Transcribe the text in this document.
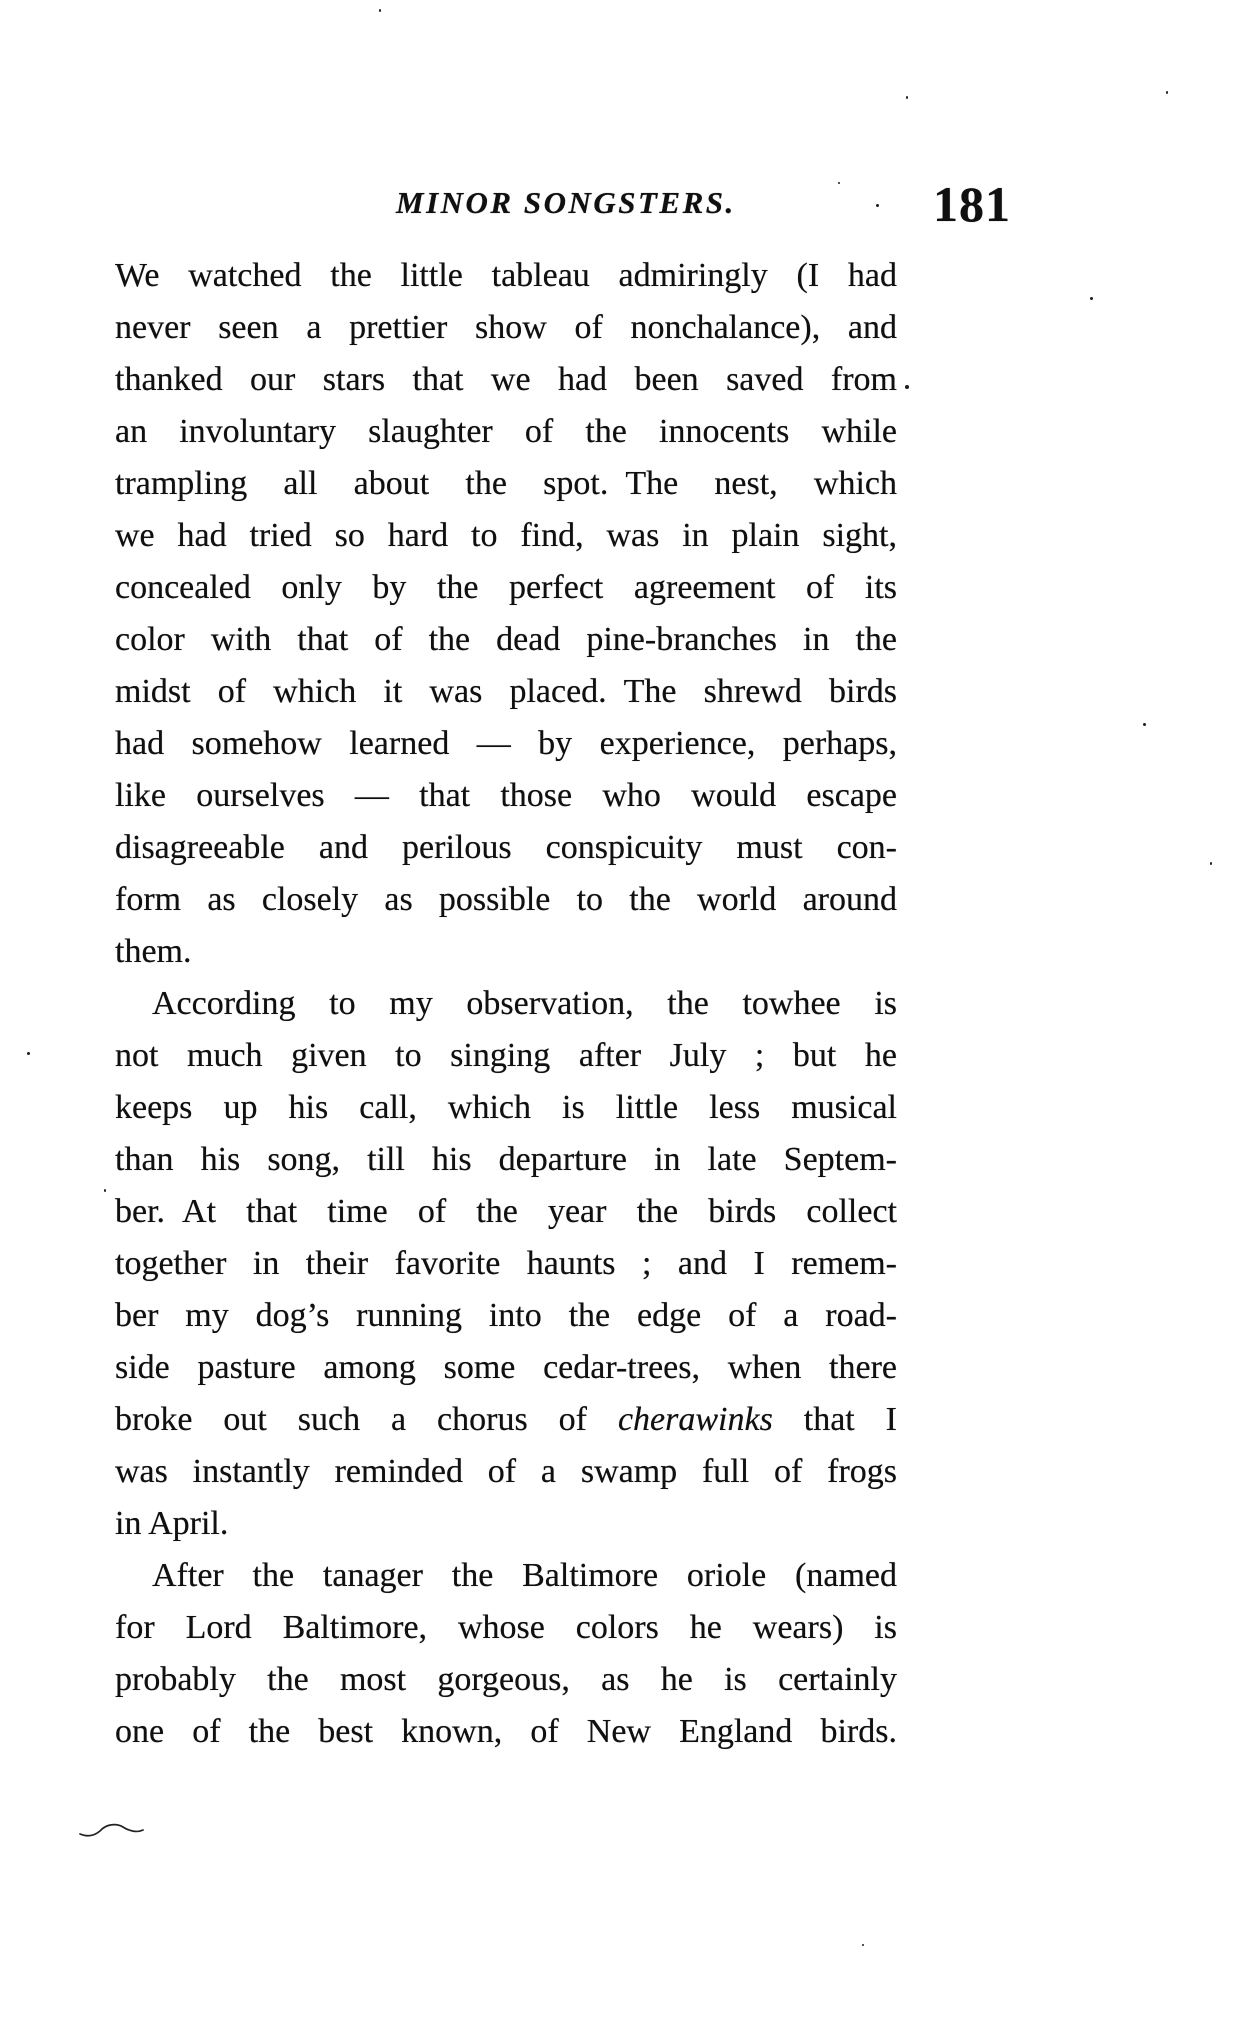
MINOR SONGSTERS.	181
We watched the little tableau admiringly (I had
never seen a prettier show of nonchalance), and
thanked our stars that we had been saved from
an involuntary slaughter of the innocents while
trampling all about the spot. The nest, which
we had tried so hard to find, was in plain sight,
concealed only by the perfect agreement of its
color with that of the dead pine-branches in the
midst of which it was placed. The shrewd birds
had somehow learned — by experience, perhaps,
like ourselves — that those who would escape
disagreeable and perilous conspicuity must con-
form as closely as possible to the world around
them.
According to my observation, the towhee is
not much given to singing after July ; but he
keeps up his call, which is little less musical
than his song, till his departure in late Septem-
ber. At that time of the year the birds collect
together in their favorite haunts ; and I remem-
ber my dog’s running into the edge of a road-
side pasture among some cedar-trees, when there
broke out such a chorus of cherawinks that I
was instantly reminded of a swamp full of frogs
in April.
After the tanager the Baltimore oriole (named
for Lord Baltimore, whose colors he wears) is
probably the most gorgeous, as he is certainly
one of the best known, of New England birds.
